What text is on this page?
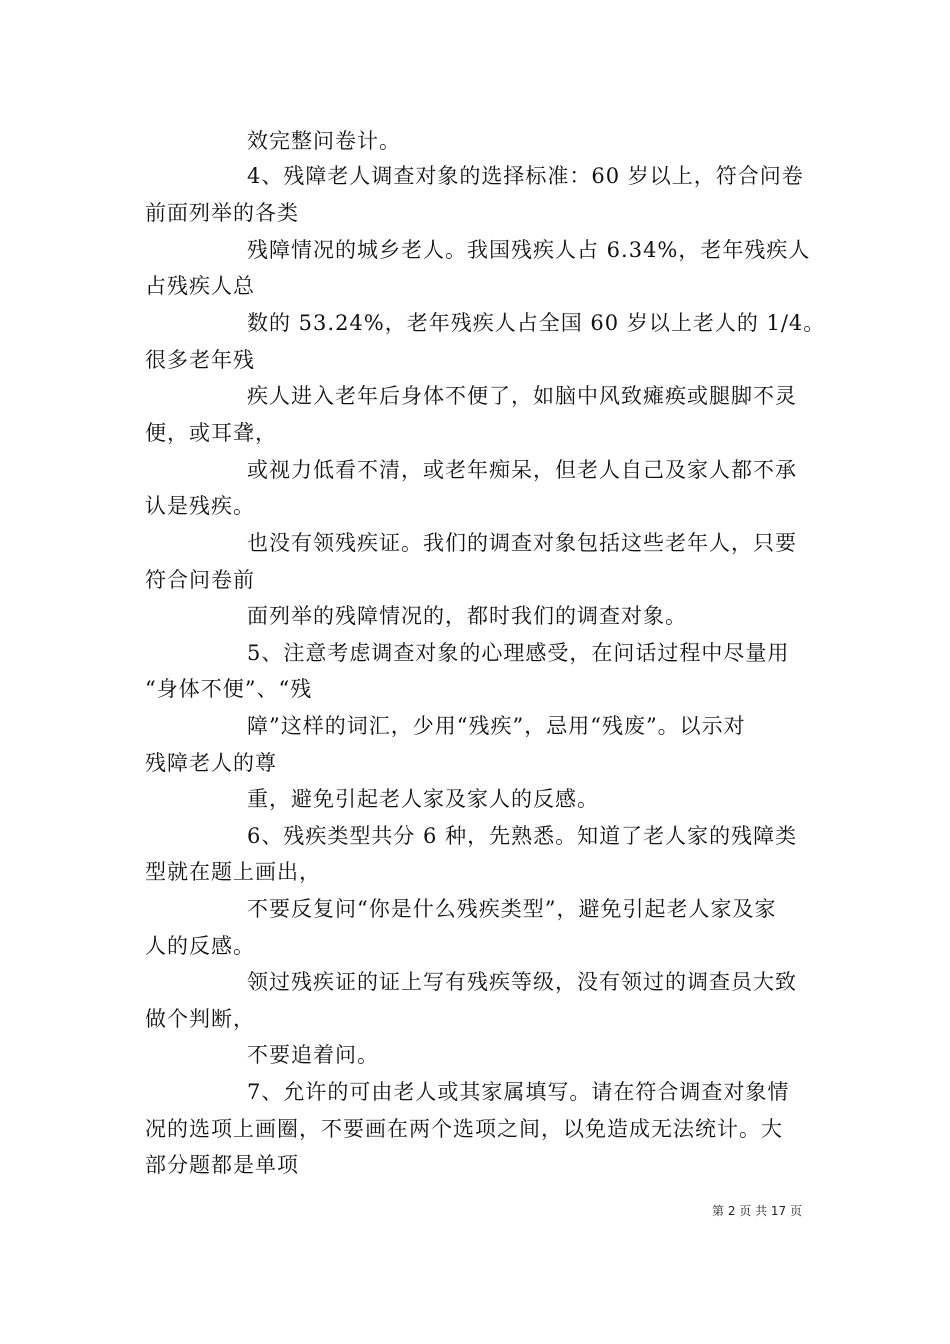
效完整问卷计。
4、残障老人调查对象的选择标准：60 岁以上，符合问卷
前面列举的各类
残障情况的城乡老人。我国残疾人占 6.34%，老年残疾人
占残疾人总
数的 53.24%，老年残疾人占全国 60 岁以上老人的 1/4。
很多老年残
疾人进入老年后身体不便了，如脑中风致瘫痪或腿脚不灵
便，或耳聋，
或视力低看不清，或老年痴呆，但老人自己及家人都不承
认是残疾。
也没有领残疾证。我们的调查对象包括这些老年人，只要
符合问卷前
面列举的残障情况的，都时我们的调查对象。
5、注意考虑调查对象的心理感受，在问话过程中尽量用
“身体不便”、“残
障”这样的词汇，少用“残疾”，忌用“残废”。以示对
残障老人的尊
重，避免引起老人家及家人的反感。
6、残疾类型共分 6 种，先熟悉。知道了老人家的残障类
型就在题上画出，
不要反复问“你是什么残疾类型”，避免引起老人家及家
人的反感。
领过残疾证的证上写有残疾等级，没有领过的调查员大致
做个判断，
不要追着问。
7、允许的可由老人或其家属填写。请在符合调查对象情
况的选项上画圈，不要画在两个选项之间，以免造成无法统计。大
部分题都是单项
第 2 页 共 17 页
